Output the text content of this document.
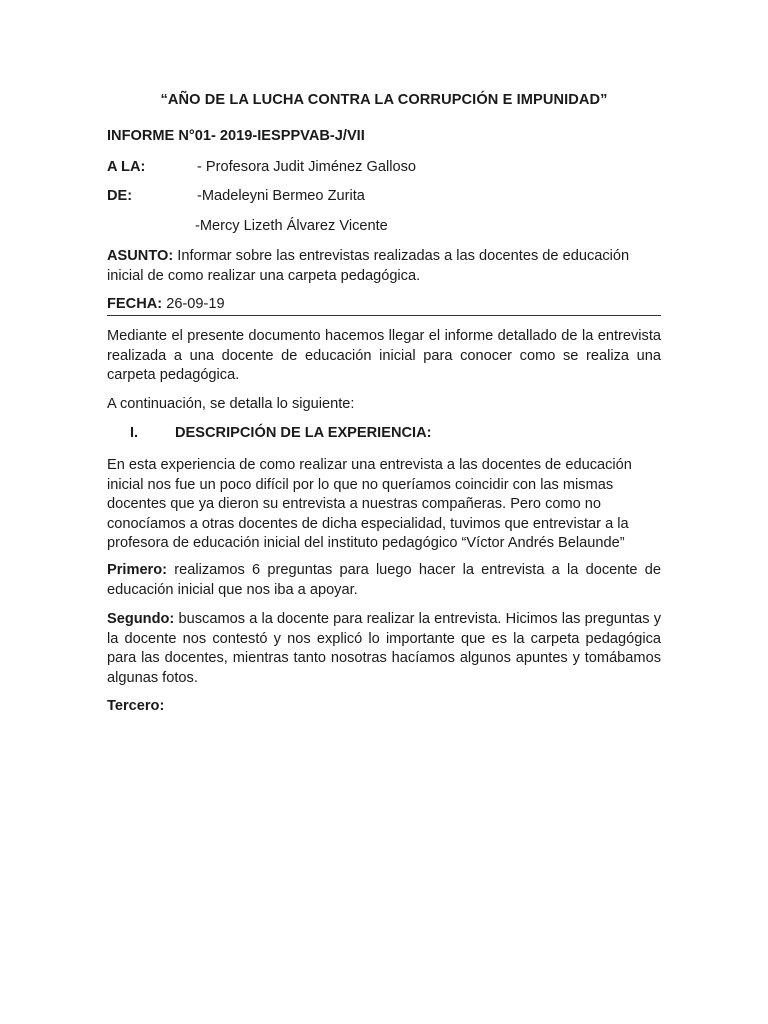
“AÑO DE LA LUCHA CONTRA LA CORRUPCIÓN E IMPUNIDAD”
INFORME N°01- 2019-IESPPVAB-J/VII
A LA:	- Profesora Judit Jiménez Galloso
DE:	-Madeleyni Bermeo Zurita
-Mercy Lizeth Álvarez Vicente
ASUNTO: Informar sobre las entrevistas realizadas a las docentes de educación inicial de como realizar una carpeta pedagógica.
FECHA: 26-09-19
Mediante el presente documento hacemos llegar el informe detallado de la entrevista realizada a una docente de educación inicial para conocer como se realiza una carpeta pedagógica.
A continuación, se detalla lo siguiente:
I.	DESCRIPCIÓN DE LA EXPERIENCIA:
En esta experiencia de como realizar una entrevista a las docentes de educación inicial nos fue un poco difícil por lo que no queríamos coincidir con las mismas docentes que ya dieron su entrevista a nuestras compañeras. Pero como no conocíamos a otras docentes de dicha especialidad, tuvimos que entrevistar a la profesora de educación inicial del instituto pedagógico “Víctor Andrés Belaunde”
Primero: realizamos 6 preguntas para luego hacer la entrevista a la docente de educación inicial que nos iba a apoyar.
Segundo: buscamos a la docente para realizar la entrevista. Hicimos las preguntas y la docente nos contestó y nos explicó lo importante que es la carpeta pedagógica para las docentes, mientras tanto nosotras hacíamos algunos apuntes y tomábamos algunas fotos.
Tercero:
